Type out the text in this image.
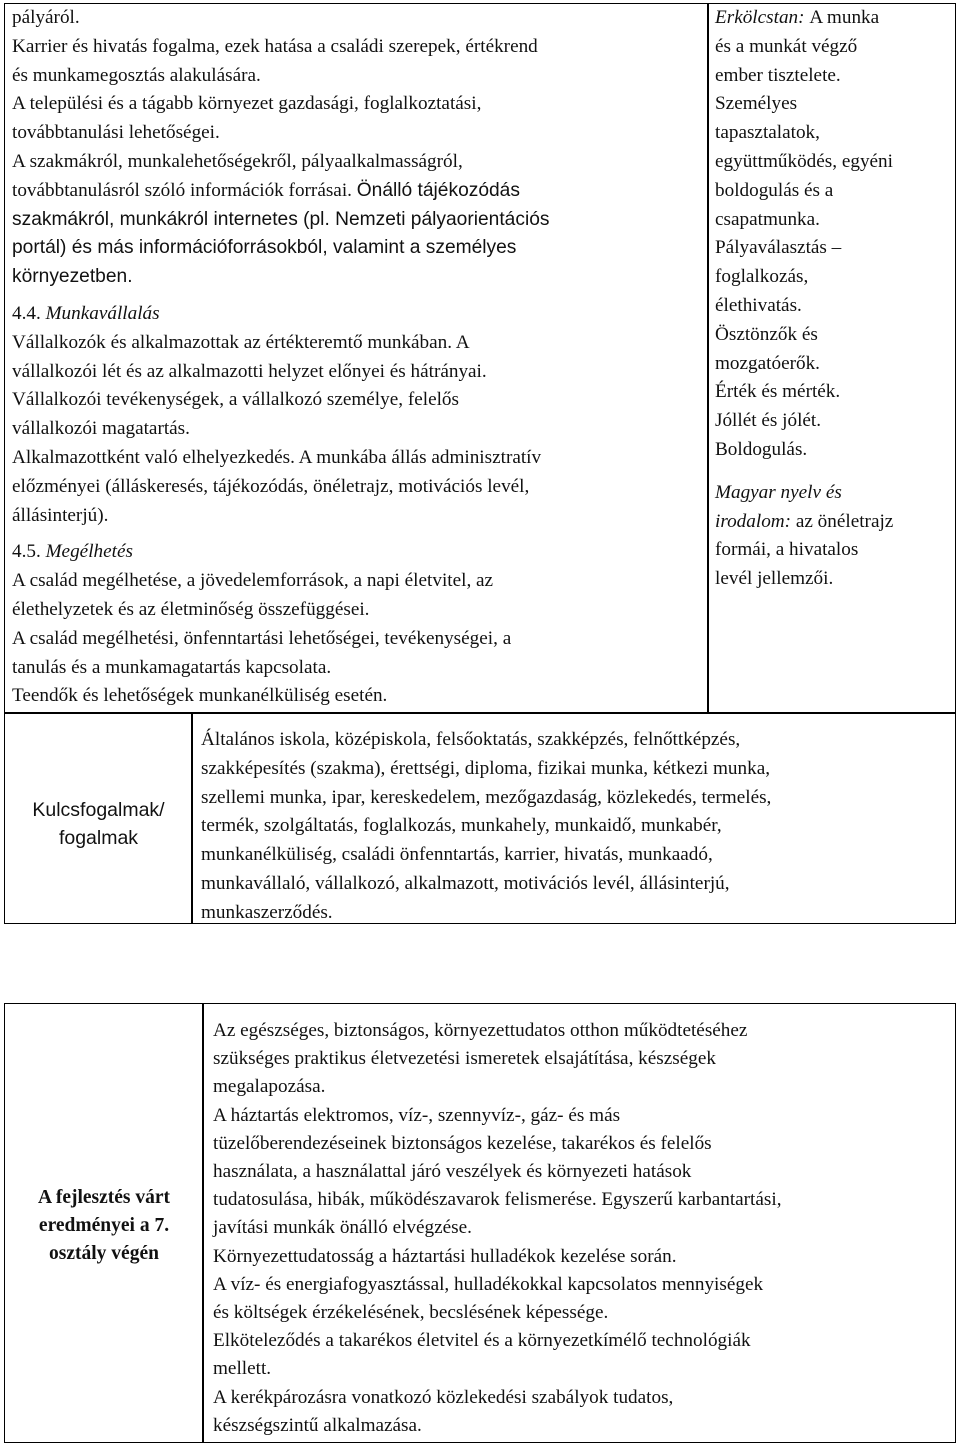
pályáról.
Karrier és hivatás fogalma, ezek hatása a családi szerepek, értékrend
és munkamegosztás alakulására.
A települési és a tágabb környezet gazdasági, foglalkoztatási,
továbbtanulási lehetőségei.
A szakmákról, munkalehetőségekről, pályaalkalmasságról,
továbbtanulásról szóló információk forrásai. Önálló tájékozódás
szakmákról, munkákról internetes (pl. Nemzeti pályaorientációs
portál) és más információforrásokból, valamint a személyes
környezetben.
4.4. Munkavállalás
Vállalkozók és alkalmazottak az értékteremtő munkában. A
vállalkozói lét és az alkalmazotti helyzet előnyei és hátrányai.
Vállalkozói tevékenységek, a vállalkozó személye, felelős
vállalkozói magatartás.
Alkalmazottként való elhelyezkedés. A munkába állás adminisztratív
előzményei (álláskeresés, tájékozódás, önéletrajz, motivációs levél,
állásinterjú).
4.5. Megélhetés
A család megélhetése, a jövedelemforrások, a napi életvitel, az
élethelyzetek és az életminőség összefüggései.
A család megélhetési, önfenntartási lehetőségei, tevékenységei, a
tanulás és a munkamagatartás kapcsolata.
Teendők és lehetőségek munkanélküliség esetén.
Erkölcstan: A munka
és a munkát végző
ember tisztelete.
Személyes
tapasztalatok,
együttműködés, egyéni
boldogulás és a
csapatmunka.
Pályaválasztás –
foglalkozás,
élethivatás.
Ösztönzők és
mozgatóerők.
Érték és mérték.
Jóllét és jólét.
Boldogulás.
Magyar nyelv és
irodalom: az önéletrajz
formái, a hivatalos
levél jellemzői.
Kulcsfogalmak/
fogalmak
Általános iskola, középiskola, felsőoktatás, szakképzés, felnőttképzés,
szakképesítés (szakma), érettségi, diploma, fizikai munka, kétkezi munka,
szellemi munka, ipar, kereskedelem, mezőgazdaság, közlekedés, termelés,
termék, szolgáltatás, foglalkozás, munkahely, munkaidő, munkabér,
munkanélküliség, családi önfenntartás, karrier, hivatás, munkaadó,
munkavállaló, vállalkozó, alkalmazott, motivációs levél, állásinterjú,
munkaszerződés.
A fejlesztés várt
eredményei a 7.
osztály végén
Az egészséges, biztonságos, környezettudatos otthon működtetéséhez
szükséges praktikus életvezetési ismeretek elsajátítása, készségek
megalapozása.
A háztartás elektromos, víz-, szennyvíz-, gáz- és más
tüzelőberendezéseinek biztonságos kezelése, takarékos és felelős
használata, a használattal járó veszélyek és környezeti hatások
tudatosulása, hibák, működészavarok felismerése. Egyszerű karbantartási,
javítási munkák önálló elvégzése.
Környezettudatosság a háztartási hulladékok kezelése során.
A víz- és energiafogyasztással, hulladékokkal kapcsolatos mennyiségek
és költségek érzékelésének, becslésének képessége.
Elköteleződés a takarékos életvitel és a környezetkímélő technológiák
mellett.
A kerékpározásra vonatkozó közlekedési szabályok tudatos,
készségszintű alkalmazása.
